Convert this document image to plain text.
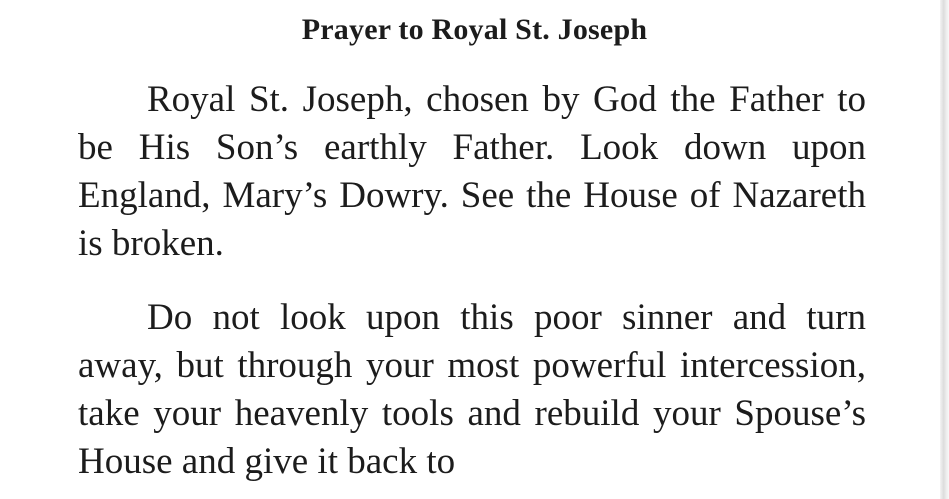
Prayer to Royal St. Joseph

Royal St. Joseph, chosen by God the Father to be His Son’s earthly Father. Look down upon England, Mary’s Dowry. See the House of Nazareth is broken.

Do not look upon this poor sinner and turn away, but through your most powerful intercession, take your heavenly tools and rebuild your Spouse’s House and give it back to
